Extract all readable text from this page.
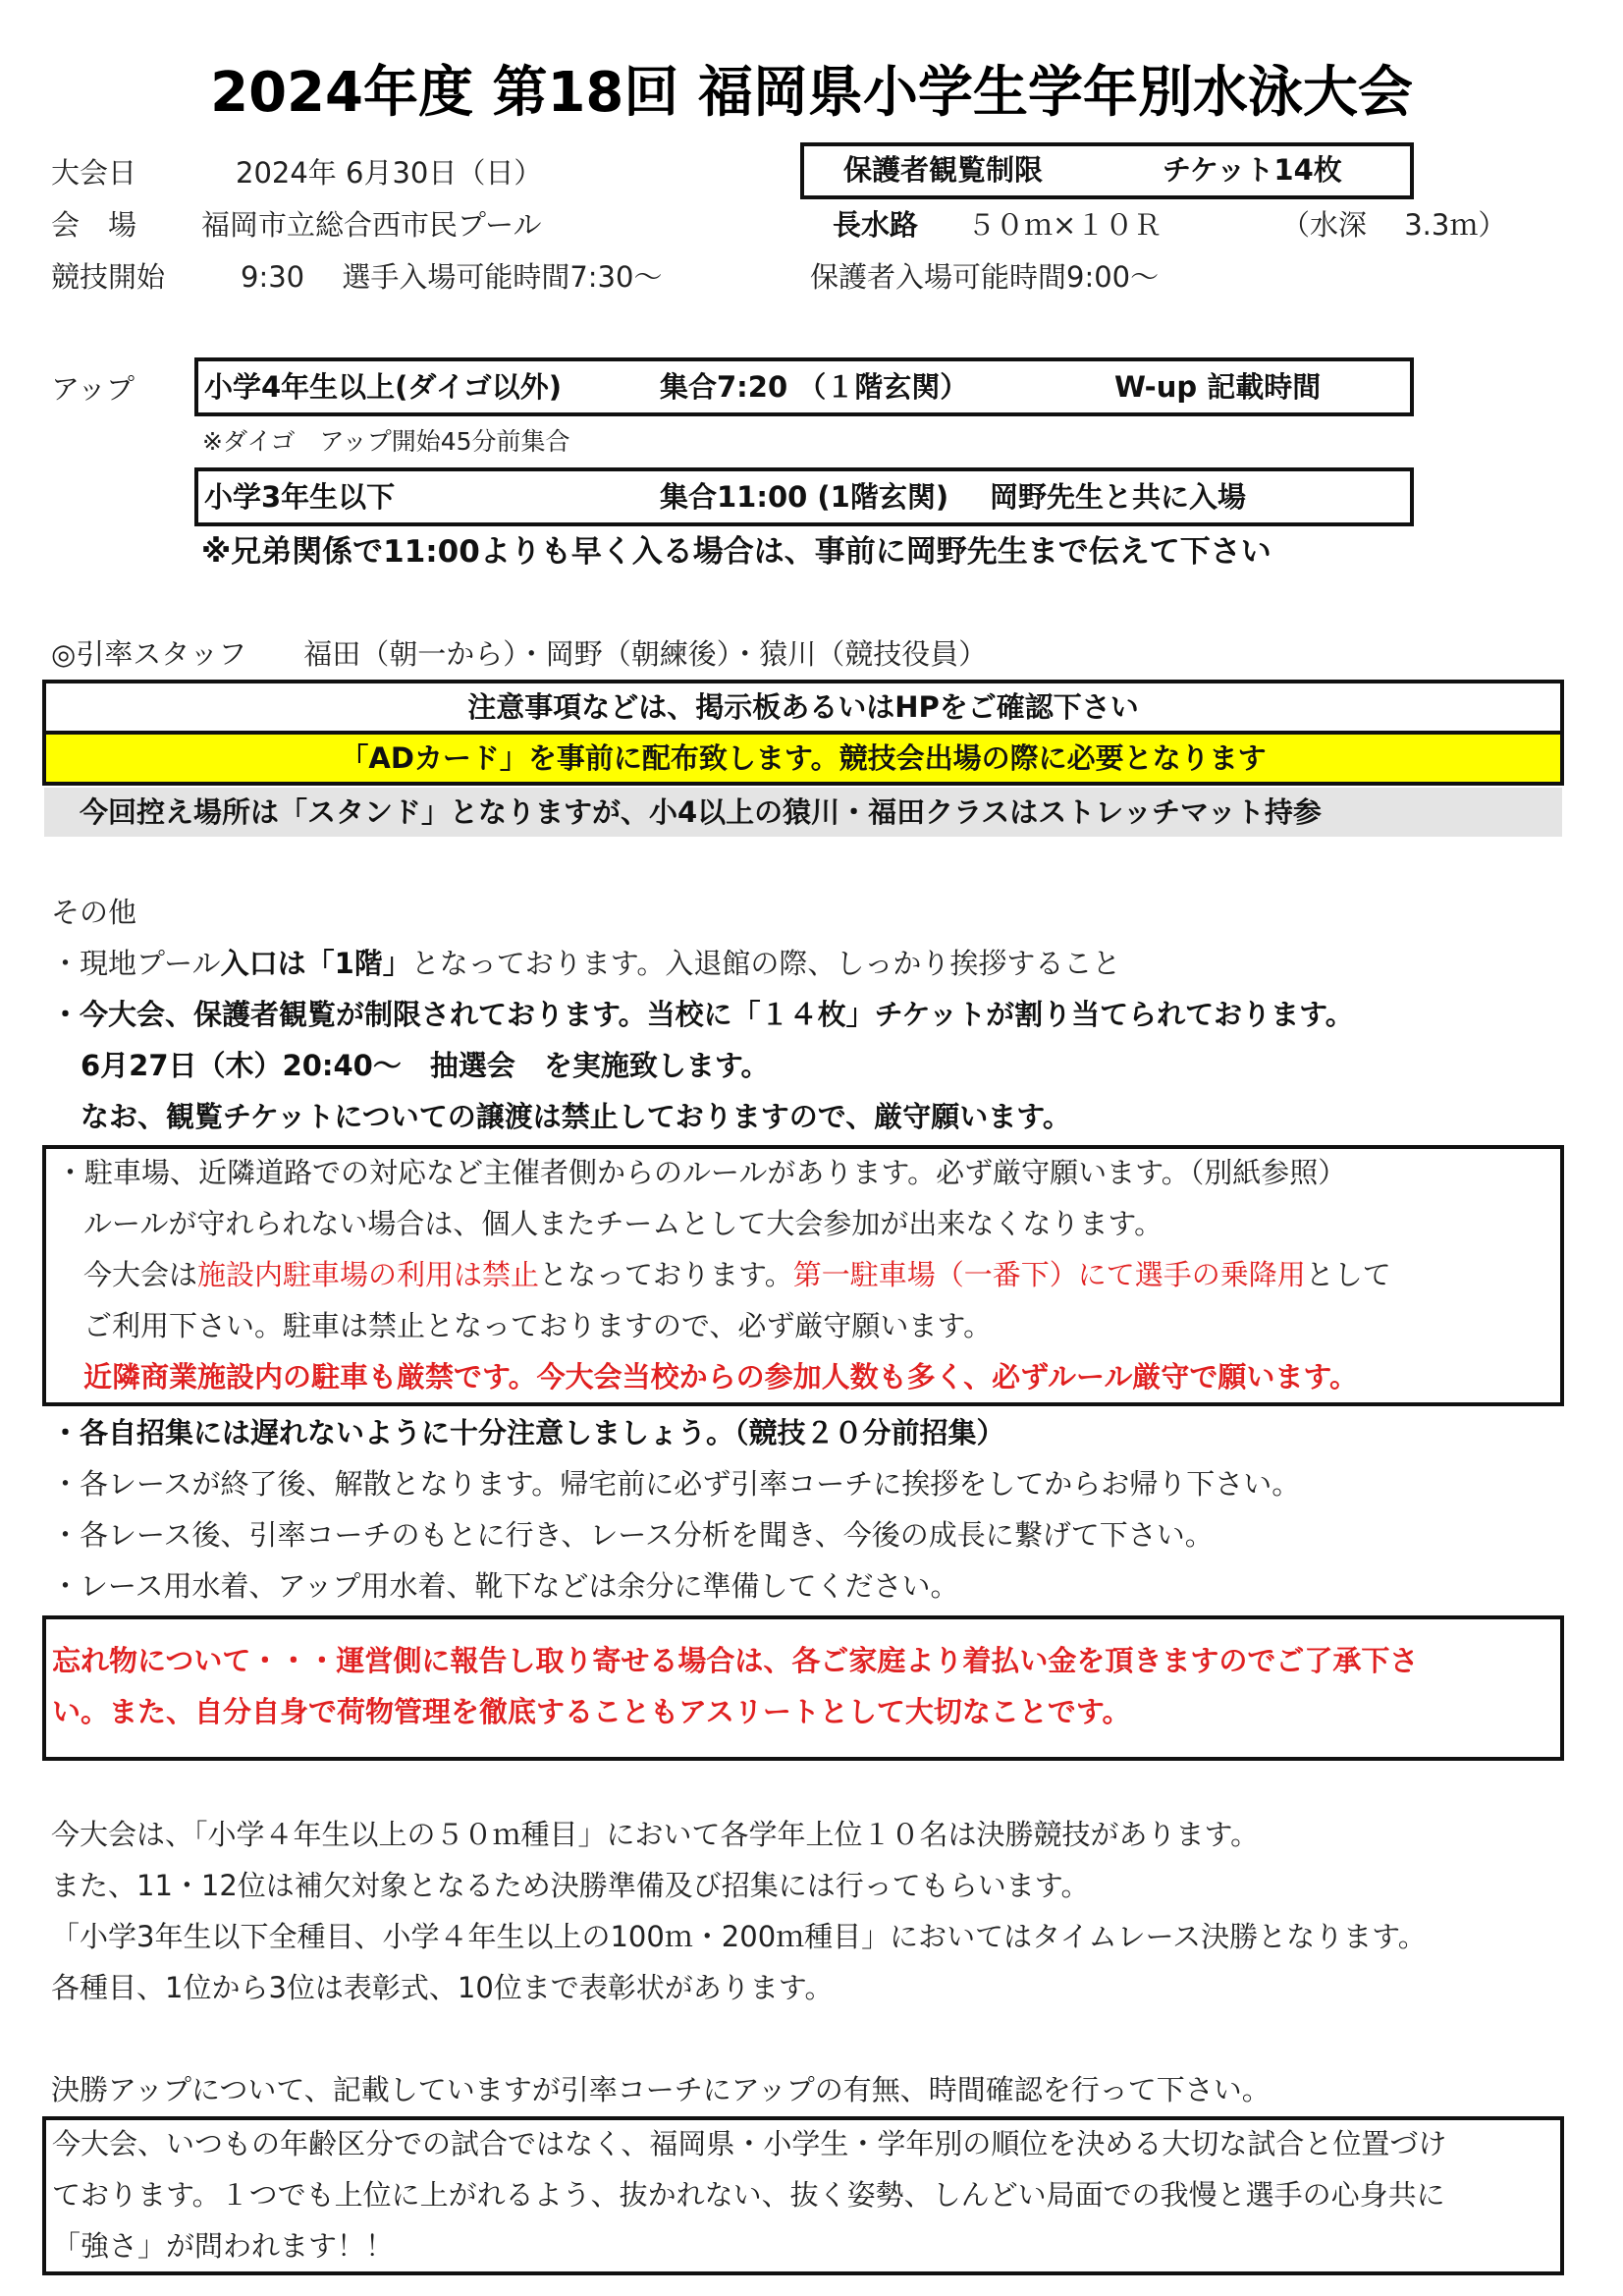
2024年度 第18回 福岡県小学生学年別水泳大会
大会日	2024年 6月30日（日）
会　場 福岡市立総合西市民プール
競技開始	9:30　 選手入場可能時間7:30～	保護者入場可能時間9:00～
保護者観覧制限	チケット14枚
長水路 ５０ｍ×１０Ｒ	（水深　 3.3ｍ）
アップ 小学4年生以上(ダイゴ以外)	集合7:20 （１階玄関）	W-up 記載時間
※ダイゴ　アップ開始45分前集合
小学3年生以下	集合11:00 (1階玄関) 岡野先生と共に入場
※兄弟関係で11:00よりも早く入る場合は、事前に岡野先生まで伝えて下さい
◎引率スタッフ　　福田（朝一から）・岡野（朝練後）・猿川（競技役員）
注意事項などは、掲示板あるいはHPをご確認下さい
「ADカード」を事前に配布致します。競技会出場の際に必要となります
今回控え場所は「スタンド」となりますが、小4以上の猿川・福田クラスはストレッチマット持参
その他
・現地プール入口は「1階」となっております。入退館の際、しっかり挨拶すること
・今大会、保護者観覧が制限されております。当校に「１４枚」チケットが割り当てられております。
6月27日（木）20:40～　抽選会　を実施致します。
なお、観覧チケットについての譲渡は禁止しておりますので、厳守願います。
・駐車場、近隣道路での対応など主催者側からのルールがあります。必ず厳守願います。（別紙参照）
ルールが守れられない場合は、個人またチームとして大会参加が出来なくなります。
今大会は施設内駐車場の利用は禁止となっております。第一駐車場（一番下）にて選手の乗降用として
ご利用下さい。駐車は禁止となっておりますので、必ず厳守願います。
近隣商業施設内の駐車も厳禁です。今大会当校からの参加人数も多く、必ずルール厳守で願います。
・各自招集には遅れないように十分注意しましょう。（競技２０分前招集）
・各レースが終了後、解散となります。帰宅前に必ず引率コーチに挨拶をしてからお帰り下さい。
・各レース後、引率コーチのもとに行き、レース分析を聞き、今後の成長に繋げて下さい。
・レース用水着、アップ用水着、靴下などは余分に準備してください。
忘れ物について・・・運営側に報告し取り寄せる場合は、各ご家庭より着払い金を頂きますのでご了承下さ
い。また、自分自身で荷物管理を徹底することもアスリートとして大切なことです。
今大会は、「小学４年生以上の５０ｍ種目」において各学年上位１０名は決勝競技があります。
また、11・12位は補欠対象となるため決勝準備及び招集には行ってもらいます。
「小学3年生以下全種目、小学４年生以上の100ｍ・200ｍ種目」においてはタイムレース決勝となります。
各種目、1位から3位は表彰式、10位まで表彰状があります。
決勝アップについて、記載していますが引率コーチにアップの有無、時間確認を行って下さい。
今大会、いつもの年齢区分での試合ではなく、福岡県・小学生・学年別の順位を決める大切な試合と位置づけ
ております。１つでも上位に上がれるよう、抜かれない、抜く姿勢、しんどい局面での我慢と選手の心身共に
「強さ」が問われます！！
